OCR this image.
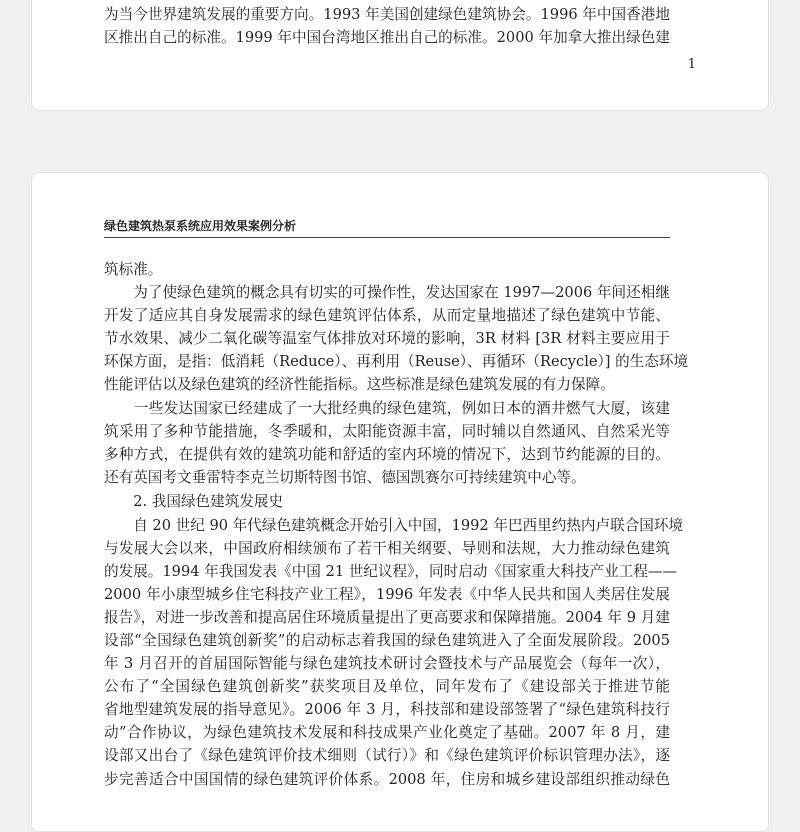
为当今世界建筑发展的重要方向。1993 年美国创建绿色建筑协会。1996 年中国香港地
区推出自己的标准。1999 年中国台湾地区推出自己的标准。2000 年加拿大推出绿色建
1
绿色建筑热泵系统应用效果案例分析
筑标准。
　　为了使绿色建筑的概念具有切实的可操作性，发达国家在 1997—2006 年间还相继
开发了适应其自身发展需求的绿色建筑评估体系，从而定量地描述了绿色建筑中节能、
节水效果、减少二氧化碳等温室气体排放对环境的影响，3R 材料 [3R 材料主要应用于
环保方面，是指：低消耗（Reduce）、再利用（Reuse）、再循环（Recycle）] 的生态环境
性能评估以及绿色建筑的经济性能指标。这些标准是绿色建筑发展的有力保障。
　　一些发达国家已经建成了一大批经典的绿色建筑，例如日本的酒井燃气大厦，该建
筑采用了多种节能措施，冬季暖和，太阳能资源丰富，同时辅以自然通风、自然采光等
多种方式，在提供有效的建筑功能和舒适的室内环境的情况下，达到节约能源的目的。
还有英国考文垂雷特李克兰切斯特图书馆、德国凯赛尔可持续建筑中心等。
　　2. 我国绿色建筑发展史
　　自 20 世纪 90 年代绿色建筑概念开始引入中国，1992 年巴西里约热内卢联合国环境
与发展大会以来，中国政府相续颁布了若干相关纲要、导则和法规，大力推动绿色建筑
的发展。1994 年我国发表《中国 21 世纪议程》，同时启动《国家重大科技产业工程——
2000 年小康型城乡住宅科技产业工程》，1996 年发表《中华人民共和国人类居住发展
报告》，对进一步改善和提高居住环境质量提出了更高要求和保障措施。2004 年 9 月建
设部“全国绿色建筑创新奖”的启动标志着我国的绿色建筑进入了全面发展阶段。2005
年 3 月召开的首届国际智能与绿色建筑技术研讨会暨技术与产品展览会（每年一次），
公布了“全国绿色建筑创新奖”获奖项目及单位，同年发布了《建设部关于推进节能
省地型建筑发展的指导意见》。2006 年 3 月，科技部和建设部签署了“绿色建筑科技行
动”合作协议，为绿色建筑技术发展和科技成果产业化奠定了基础。2007 年 8 月，建
设部又出台了《绿色建筑评价技术细则（试行）》和《绿色建筑评价标识管理办法》，逐
步完善适合中国国情的绿色建筑评价体系。2008 年，住房和城乡建设部组织推动绿色
